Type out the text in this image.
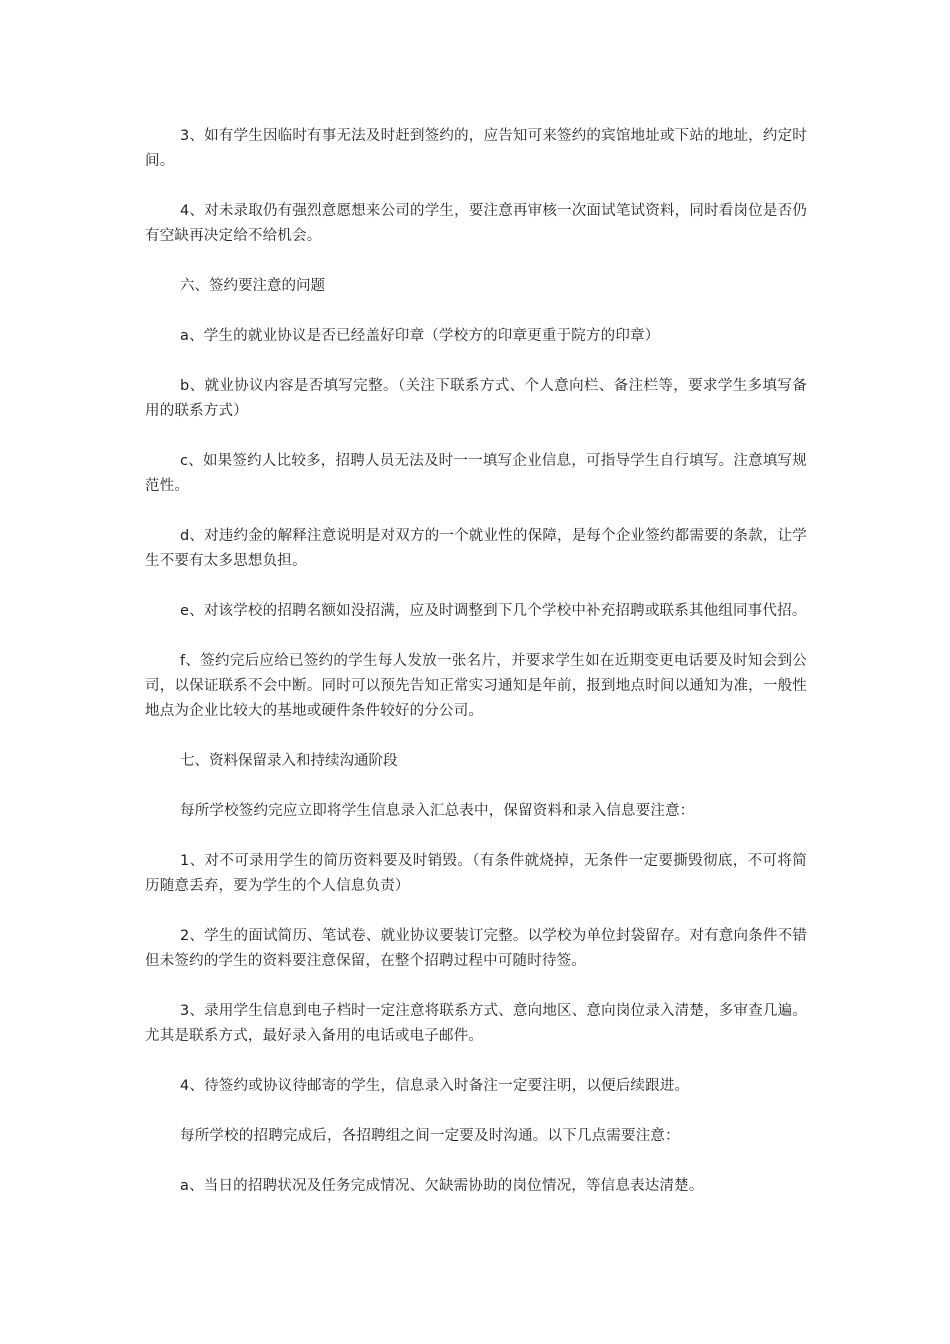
3、如有学生因临时有事无法及时赶到签约的，应告知可来签约的宾馆地址或下站的地址，约定时间。

4、对未录取仍有强烈意愿想来公司的学生，要注意再审核一次面试笔试资料，同时看岗位是否仍有空缺再决定给不给机会。

六、签约要注意的问题

a、学生的就业协议是否已经盖好印章（学校方的印章更重于院方的印章）

b、就业协议内容是否填写完整。（关注下联系方式、个人意向栏、备注栏等，要求学生多填写备用的联系方式）

c、如果签约人比较多，招聘人员无法及时一一填写企业信息，可指导学生自行填写。注意填写规范性。

d、对违约金的解释注意说明是对双方的一个就业性的保障，是每个企业签约都需要的条款，让学生不要有太多思想负担。

e、对该学校的招聘名额如没招满，应及时调整到下几个学校中补充招聘或联系其他组同事代招。

f、签约完后应给已签约的学生每人发放一张名片，并要求学生如在近期变更电话要及时知会到公司，以保证联系不会中断。同时可以预先告知正常实习通知是年前，报到地点时间以通知为准，一般性地点为企业比较大的基地或硬件条件较好的分公司。

七、资料保留录入和持续沟通阶段

每所学校签约完应立即将学生信息录入汇总表中，保留资料和录入信息要注意：

1、对不可录用学生的简历资料要及时销毁。（有条件就烧掉，无条件一定要撕毁彻底，不可将简历随意丢弃，要为学生的个人信息负责）

2、学生的面试简历、笔试卷、就业协议要装订完整。以学校为单位封袋留存。对有意向条件不错但未签约的学生的资料要注意保留，在整个招聘过程中可随时待签。

3、录用学生信息到电子档时一定注意将联系方式、意向地区、意向岗位录入清楚，多审查几遍。尤其是联系方式，最好录入备用的电话或电子邮件。

4、待签约或协议待邮寄的学生，信息录入时备注一定要注明，以便后续跟进。

每所学校的招聘完成后，各招聘组之间一定要及时沟通。以下几点需要注意：

a、当日的招聘状况及任务完成情况、欠缺需协助的岗位情况，等信息表达清楚。
